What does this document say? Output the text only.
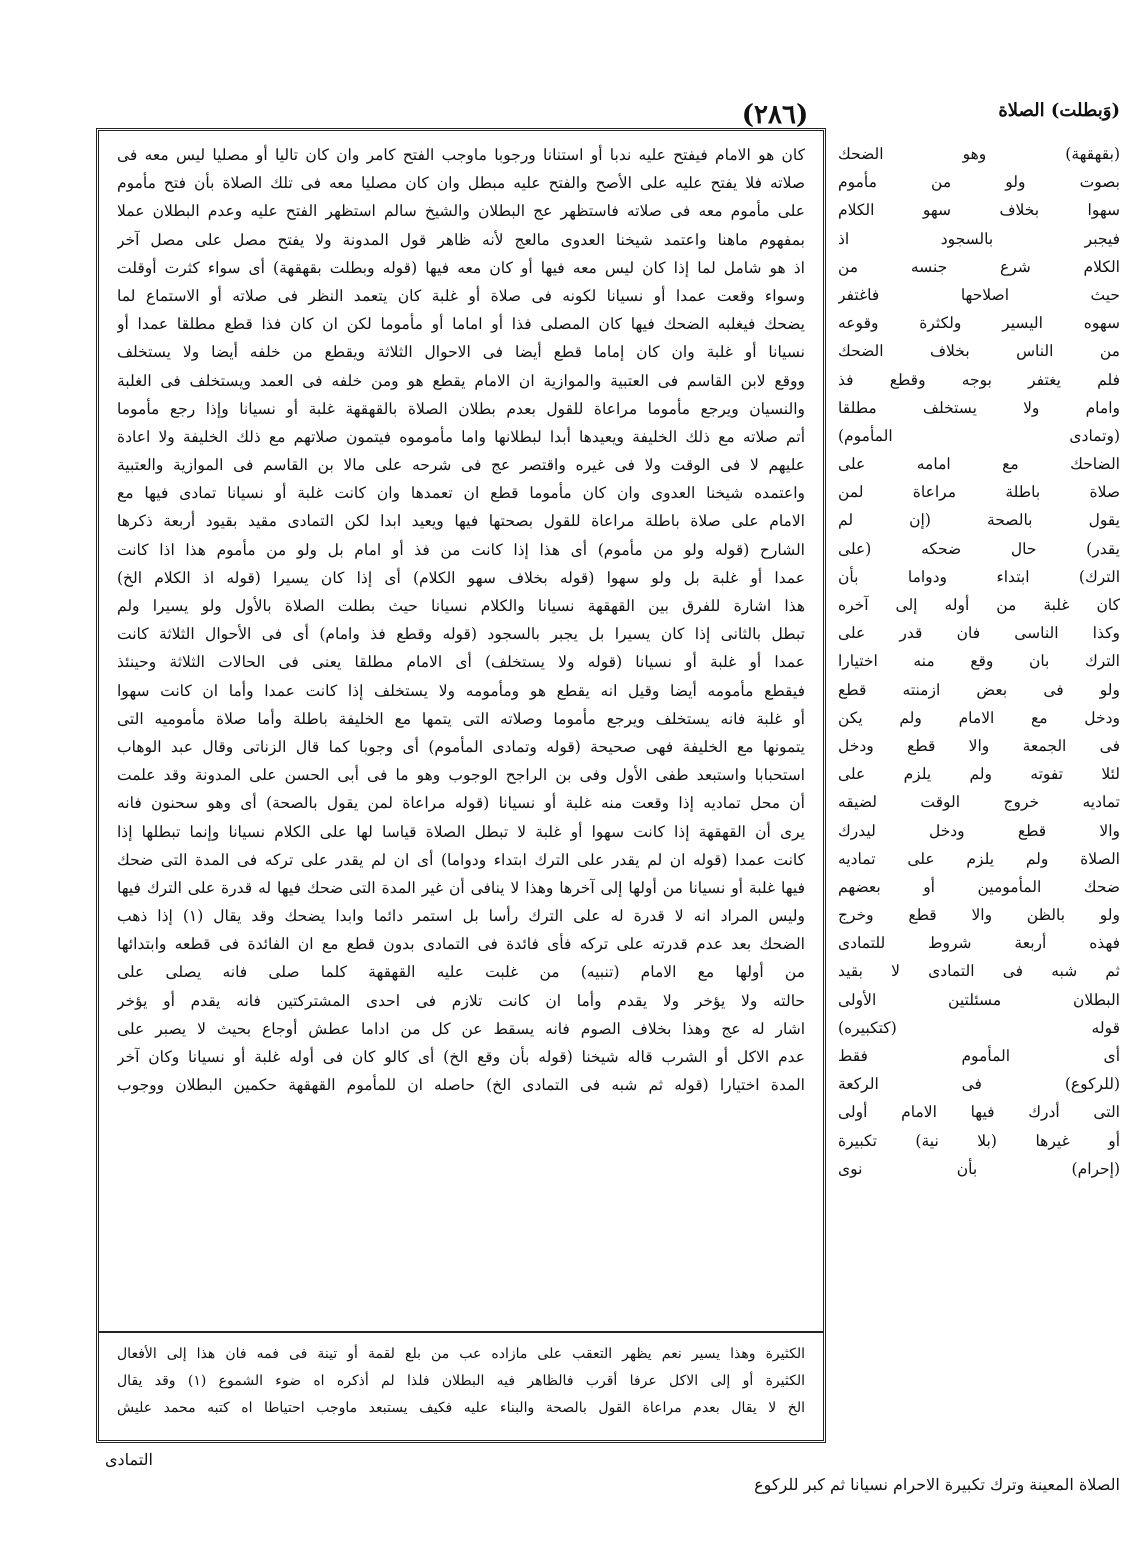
(٢٨٦)	(وَبطلت) الصلاة
كان هو الامام فيفتح عليه ندبا أو استنانا ورجوبا ماوجب الفتح كامر وان كان تاليا أو مصليا ليس معه فى
صلاته فلا يفتح عليه على الأصح والفتح عليه مبطل وان كان مصليا معه فى تلك الصلاة بأن فتح مأموم
على مأموم معه فى صلاته فاستظهر عج البطلان والشيخ سالم استظهر الفتح عليه وعدم البطلان عملا
بمفهوم ماهنا واعتمد شيخنا العدوى مالعج لأنه ظاهر قول المدونة ولا يفتح مصل على مصل آخر
اذ هو شامل لما إذا كان ليس معه فيها أو كان معه فيها (قوله وبطلت بقهقهة) أى سواء كثرت أوقلت
وسواء وقعت عمدا أو نسيانا لكونه فى صلاة أو غلبة كان يتعمد النظر فى صلاته أو الاستماع لما
يضحك فيغلبه الضحك فيها كان المصلى فذا أو اماما أو مأموما لكن ان كان فذا قطع مطلقا عمدا أو
نسيانا أو غلبة وان كان إماما قطع أيضا فى الاحوال الثلاثة ويقطع من خلفه أيضا ولا يستخلف
ووقع لابن القاسم فى العتبية والموازية ان الامام يقطع هو ومن خلفه فى العمد ويستخلف فى الغلبة
والنسيان ويرجع مأموما مراعاة للقول بعدم بطلان الصلاة بالقهقهة غلبة أو نسيانا وإذا رجع مأموما
أتم صلاته مع ذلك الخليفة ويعيدها أبدا لبطلانها واما مأموموه فيتمون صلاتهم مع ذلك الخليفة ولا اعادة
عليهم لا فى الوقت ولا فى غيره واقتصر عج فى شرحه على مالا بن القاسم فى الموازية والعتبية
واعتمده شيخنا العدوى وان كان مأموما قطع ان تعمدها وان كانت غلبة أو نسيانا تمادى فيها مع
الامام على صلاة باطلة مراعاة للقول بصحتها فيها ويعيد ابدا لكن التمادى مقيد بقيود أربعة ذكرها
الشارح (قوله ولو من مأموم) أى هذا إذا كانت من فذ أو امام بل ولو من مأموم هذا اذا كانت
عمدا أو غلبة بل ولو سهوا (قوله بخلاف سهو الكلام) أى إذا كان يسيرا (قوله اذ الكلام الخ)
هذا اشارة للفرق بين القهقهة نسيانا والكلام نسيانا حيث بطلت الصلاة بالأول ولو يسيرا ولم
تبطل بالثانى إذا كان يسيرا بل يجبر بالسجود (قوله وقطع فذ وامام) أى فى الأحوال الثلاثة كانت
عمدا أو غلبة أو نسيانا (قوله ولا يستخلف) أى الامام مطلقا يعنى فى الحالات الثلاثة وحينئذ
فيقطع مأمومه أيضا وقيل انه يقطع هو ومأمومه ولا يستخلف إذا كانت عمدا وأما ان كانت سهوا
أو غلبة فانه يستخلف ويرجع مأموما وصلاته التى يتمها مع الخليفة باطلة وأما صلاة مأموميه التى
يتمونها مع الخليفة فهى صحيحة (قوله وتمادى المأموم) أى وجوبا كما قال الزناتى وقال عبد الوهاب
استحبابا واستبعد طفى الأول وفى بن الراجح الوجوب وهو ما فى أبى الحسن على المدونة وقد علمت
أن محل تماديه إذا وقعت منه غلبة أو نسيانا (قوله مراعاة لمن يقول بالصحة) أى وهو سحنون فانه
يرى أن القهقهة إذا كانت سهوا أو غلبة لا تبطل الصلاة قياسا لها على الكلام نسيانا وإنما تبطلها إذا
كانت عمدا (قوله ان لم يقدر على الترك ابتداء ودواما) أى ان لم يقدر على تركه فى المدة التى ضحك
فيها غلبة أو نسيانا من أولها إلى آخرها وهذا لا ينافى أن غير المدة التى ضحك فيها له قدرة على الترك فيها
وليس المراد انه لا قدرة له على الترك رأسا بل استمر دائما وابدا يضحك وقد يقال (١) إذا ذهب
الضحك بعد عدم قدرته على تركه فأى فائدة فى التمادى بدون قطع مع ان الفائدة فى قطعه وابتدائها
من أولها مع الامام (تنبيه) من غلبت عليه القهقهة كلما صلى فانه يصلى على
حالته ولا يؤخر ولا يقدم وأما ان كانت تلازم فى احدى المشتركتين فانه يقدم أو يؤخر
اشار له عج وهذا بخلاف الصوم فانه يسقط عن كل من اداما عطش أوجاع بحيث لا يصبر على
عدم الاكل أو الشرب قاله شيخنا (قوله بأن وقع الخ) أى كالو كان فى أوله غلبة أو نسيانا وكان آخر
المدة اختيارا (قوله ثم شبه فى التمادى الخ) حاصله ان للمأموم القهقهة حكمين البطلان ووجوب
الكثيرة وهذا يسير نعم يظهر التعقب على مازاده عب من بلع لقمة أو تينة فى فمه فان هذا إلى الأفعال
الكثيرة أو إلى الاكل عرفا أقرب فالظاهر فيه البطلان فلذا لم أذكره اه ضوء الشموع (١) وقد يقال
الخ لا يقال بعدم مراعاة القول بالصحة والبناء عليه فكيف يستبعد ماوجب احتياطا اه كتبه محمد عليش
(بقهقهة) وهو الضحك
بصوت ولو من مأموم
سهوا بخلاف سهو الكلام
فيجبر بالسجود اذ
الكلام شرع جنسه من
حيث اصلاحها فاغتفر
سهوه اليسير ولكثرة وقوعه
من الناس بخلاف الضحك
فلم يغتفر بوجه وقطع فذ
وامام ولا يستخلف مطلقا
(وتمادى المأموم)
الضاحك مع امامه على
صلاة باطلة مراعاة لمن
يقول بالصحة (إن لم
يقدر) حال ضحكه (على
الترك) ابتداء ودواما بأن
كان غلبة من أوله إلى آخره
وكذا الناسى فان قدر على
الترك بان وقع منه اختيارا
ولو فى بعض ازمنته قطع
ودخل مع الامام ولم يكن
فى الجمعة والا قطع ودخل
لئلا تفوته ولم يلزم على
تماديه خروج الوقت لضيقه
والا قطع ودخل ليدرك
الصلاة ولم يلزم على تماديه
ضحك المأمومين أو بعضهم
ولو بالظن والا قطع وخرج
فهذه أربعة شروط للتمادى
ثم شبه فى التمادى لا بقيد
البطلان مسئلتين الأولى
قوله (كتكبيره)
أى المأموم فقط
(للركوع) فى الركعة
التى أدرك فيها الامام أولى
أو غيرها (بلا نية) تكبيرة
(إحرام) بأن نوى
التمادى
الصلاة المعينة وترك تكبيرة الاحرام نسيانا ثم كبر للركوع
